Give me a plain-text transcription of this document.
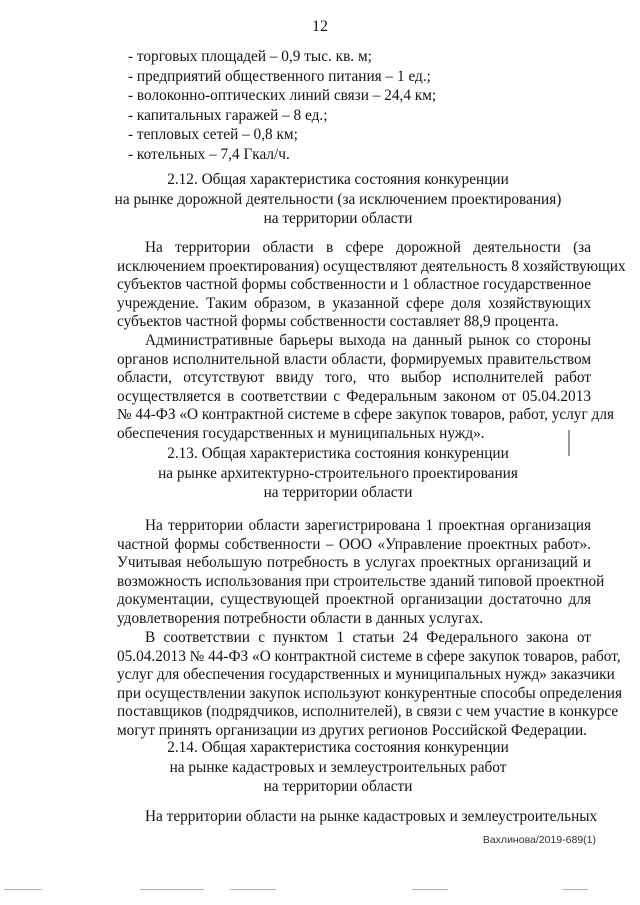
12
- торговых площадей – 0,9 тыс. кв. м;
- предприятий общественного питания – 1 ед.;
- волоконно-оптических линий связи – 24,4 км;
- капитальных гаражей – 8 ед.;
- тепловых сетей – 0,8 км;
- котельных – 7,4 Гкал/ч.
2.12. Общая характеристика состояния конкуренции
на рынке дорожной деятельности (за исключением проектирования)
на территории области
На территории области в сфере дорожной деятельности (за
исключением проектирования) осуществляют деятельность 8 хозяйствующих
субъектов частной формы собственности и 1 областное государственное
учреждение. Таким образом, в указанной сфере доля хозяйствующих
субъектов частной формы собственности составляет 88,9 процента.
Административные барьеры выхода на данный рынок со стороны
органов исполнительной власти области, формируемых правительством
области, отсутствуют ввиду того, что выбор исполнителей работ
осуществляется в соответствии с Федеральным законом от 05.04.2013
№ 44-ФЗ «О контрактной системе в сфере закупок товаров, работ, услуг для
обеспечения государственных и муниципальных нужд».
2.13. Общая характеристика состояния конкуренции
на рынке архитектурно-строительного проектирования
на территории области
На территории области зарегистрирована 1 проектная организация
частной формы собственности – ООО «Управление проектных работ».
Учитывая небольшую потребность в услугах проектных организаций и
возможность использования при строительстве зданий типовой проектной
документации, существующей проектной организации достаточно для
удовлетворения потребности области в данных услугах.
В соответствии с пунктом 1 статьи 24 Федерального закона от
05.04.2013 № 44-ФЗ «О контрактной системе в сфере закупок товаров, работ,
услуг для обеспечения государственных и муниципальных нужд» заказчики
при осуществлении закупок используют конкурентные способы определения
поставщиков (подрядчиков, исполнителей), в связи с чем участие в конкурсе
могут принять организации из других регионов Российской Федерации.
2.14. Общая характеристика состояния конкуренции
на рынке кадастровых и землеустроительных работ
на территории области
На территории области на рынке кадастровых и землеустроительных
Вахлинова/2019-689(1)
